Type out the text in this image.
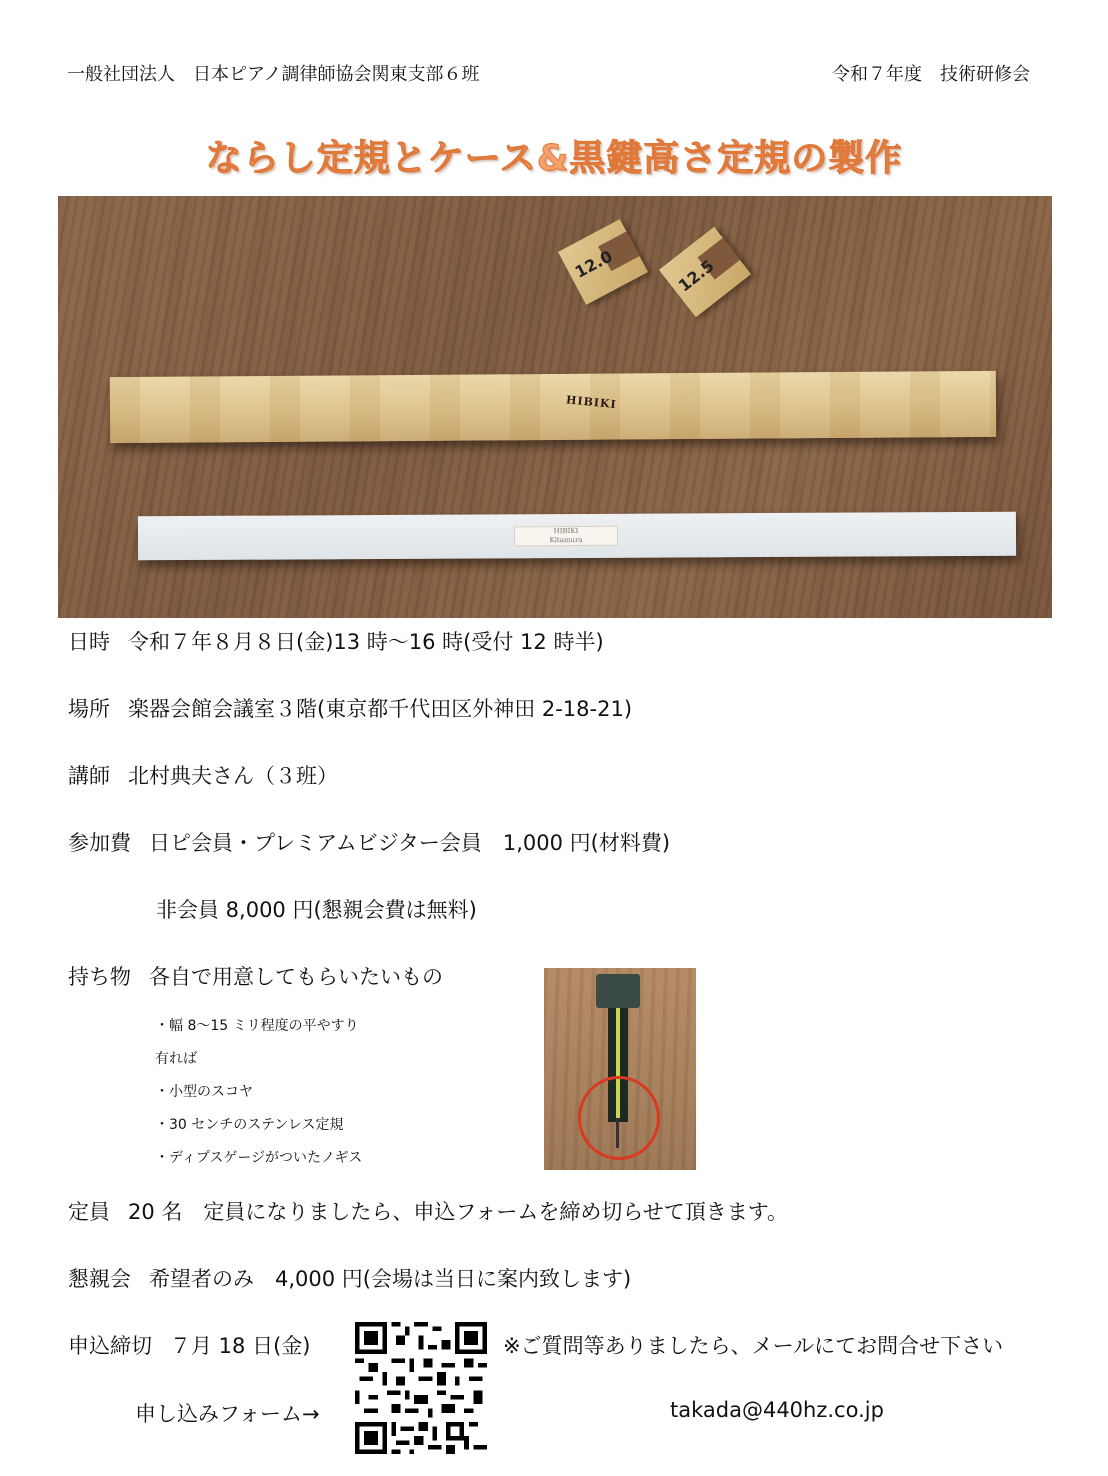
一般社団法人　日本ピアノ調律師協会関東支部６班	令和７年度　技術研修会
ならし定規とケース&黒鍵高さ定規の製作
12.0	12.5
HIBIKI
HIBIKI
Kitamura
日時 令和７年８月８日(金)13 時～16 時(受付 12 時半)
場所 楽器会館会議室３階(東京都千代田区外神田 2-18-21)
講師 北村典夫さん（３班）
参加費 日ピ会員・プレミアムビジター会員　1,000 円(材料費)
非会員 8,000 円(懇親会費は無料)
持ち物 各自で用意してもらいたいもの
・幅 8～15 ミリ程度の平やすり
有れば
・小型のスコヤ
・30 センチのステンレス定規
・ディプスゲージがついたノギス
定員 20 名　定員になりましたら、申込フォームを締め切らせて頂きます。
懇親会 希望者のみ　4,000 円(会場は当日に案内致します)
申込締切 ７月 18 日(金)	※ご質問等ありましたら、メールにてお問合せ下さい
申し込みフォーム→	takada@440hz.co.jp
